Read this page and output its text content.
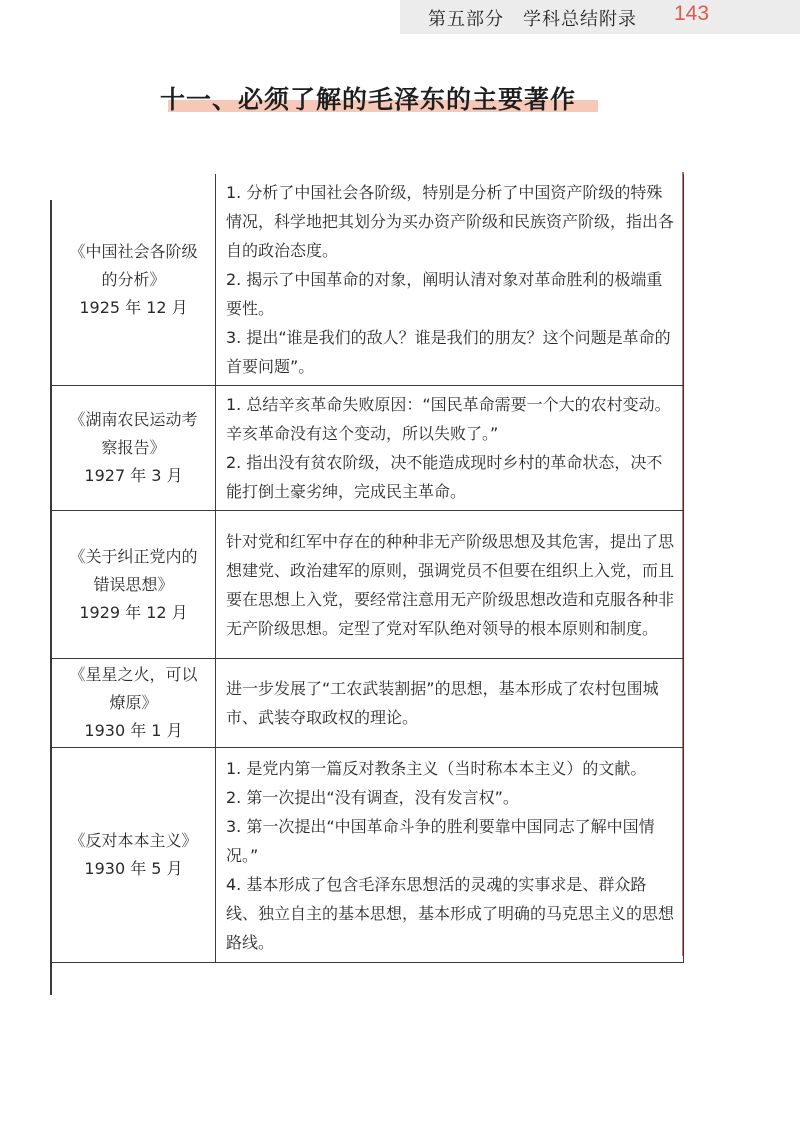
第五部分　学科总结附录 143
十一、必须了解的毛泽东的主要著作
《中国社会各阶级的分析》
1925 年 12 月	1. 分析了中国社会各阶级，特别是分析了中国资产阶级的特殊情况，科学地把其划分为买办资产阶级和民族资产阶级，指出各自的政治态度。
2. 揭示了中国革命的对象，阐明认清对象对革命胜利的极端重要性。
3. 提出“谁是我们的敌人？谁是我们的朋友？这个问题是革命的首要问题”。

《湖南农民运动考察报告》
1927 年 3 月	1. 总结辛亥革命失败原因：“国民革命需要一个大的农村变动。辛亥革命没有这个变动，所以失败了。”
2. 指出没有贫农阶级，决不能造成现时乡村的革命状态，决不能打倒土豪劣绅，完成民主革命。

《关于纠正党内的错误思想》
1929 年 12 月	针对党和红军中存在的种种非无产阶级思想及其危害，提出了思想建党、政治建军的原则，强调党员不但要在组织上入党，而且要在思想上入党，要经常注意用无产阶级思想改造和克服各种非无产阶级思想。定型了党对军队绝对领导的根本原则和制度。

《星星之火，可以燎原》
1930 年 1 月	进一步发展了“工农武装割据”的思想，基本形成了农村包围城市、武装夺取政权的理论。

《反对本本主义》
1930 年 5 月	1. 是党内第一篇反对教条主义（当时称本本主义）的文献。
2. 第一次提出“没有调查，没有发言权”。
3. 第一次提出“中国革命斗争的胜利要靠中国同志了解中国情况。”
4. 基本形成了包含毛泽东思想活的灵魂的实事求是、群众路线、独立自主的基本思想，基本形成了明确的马克思主义的思想路线。
